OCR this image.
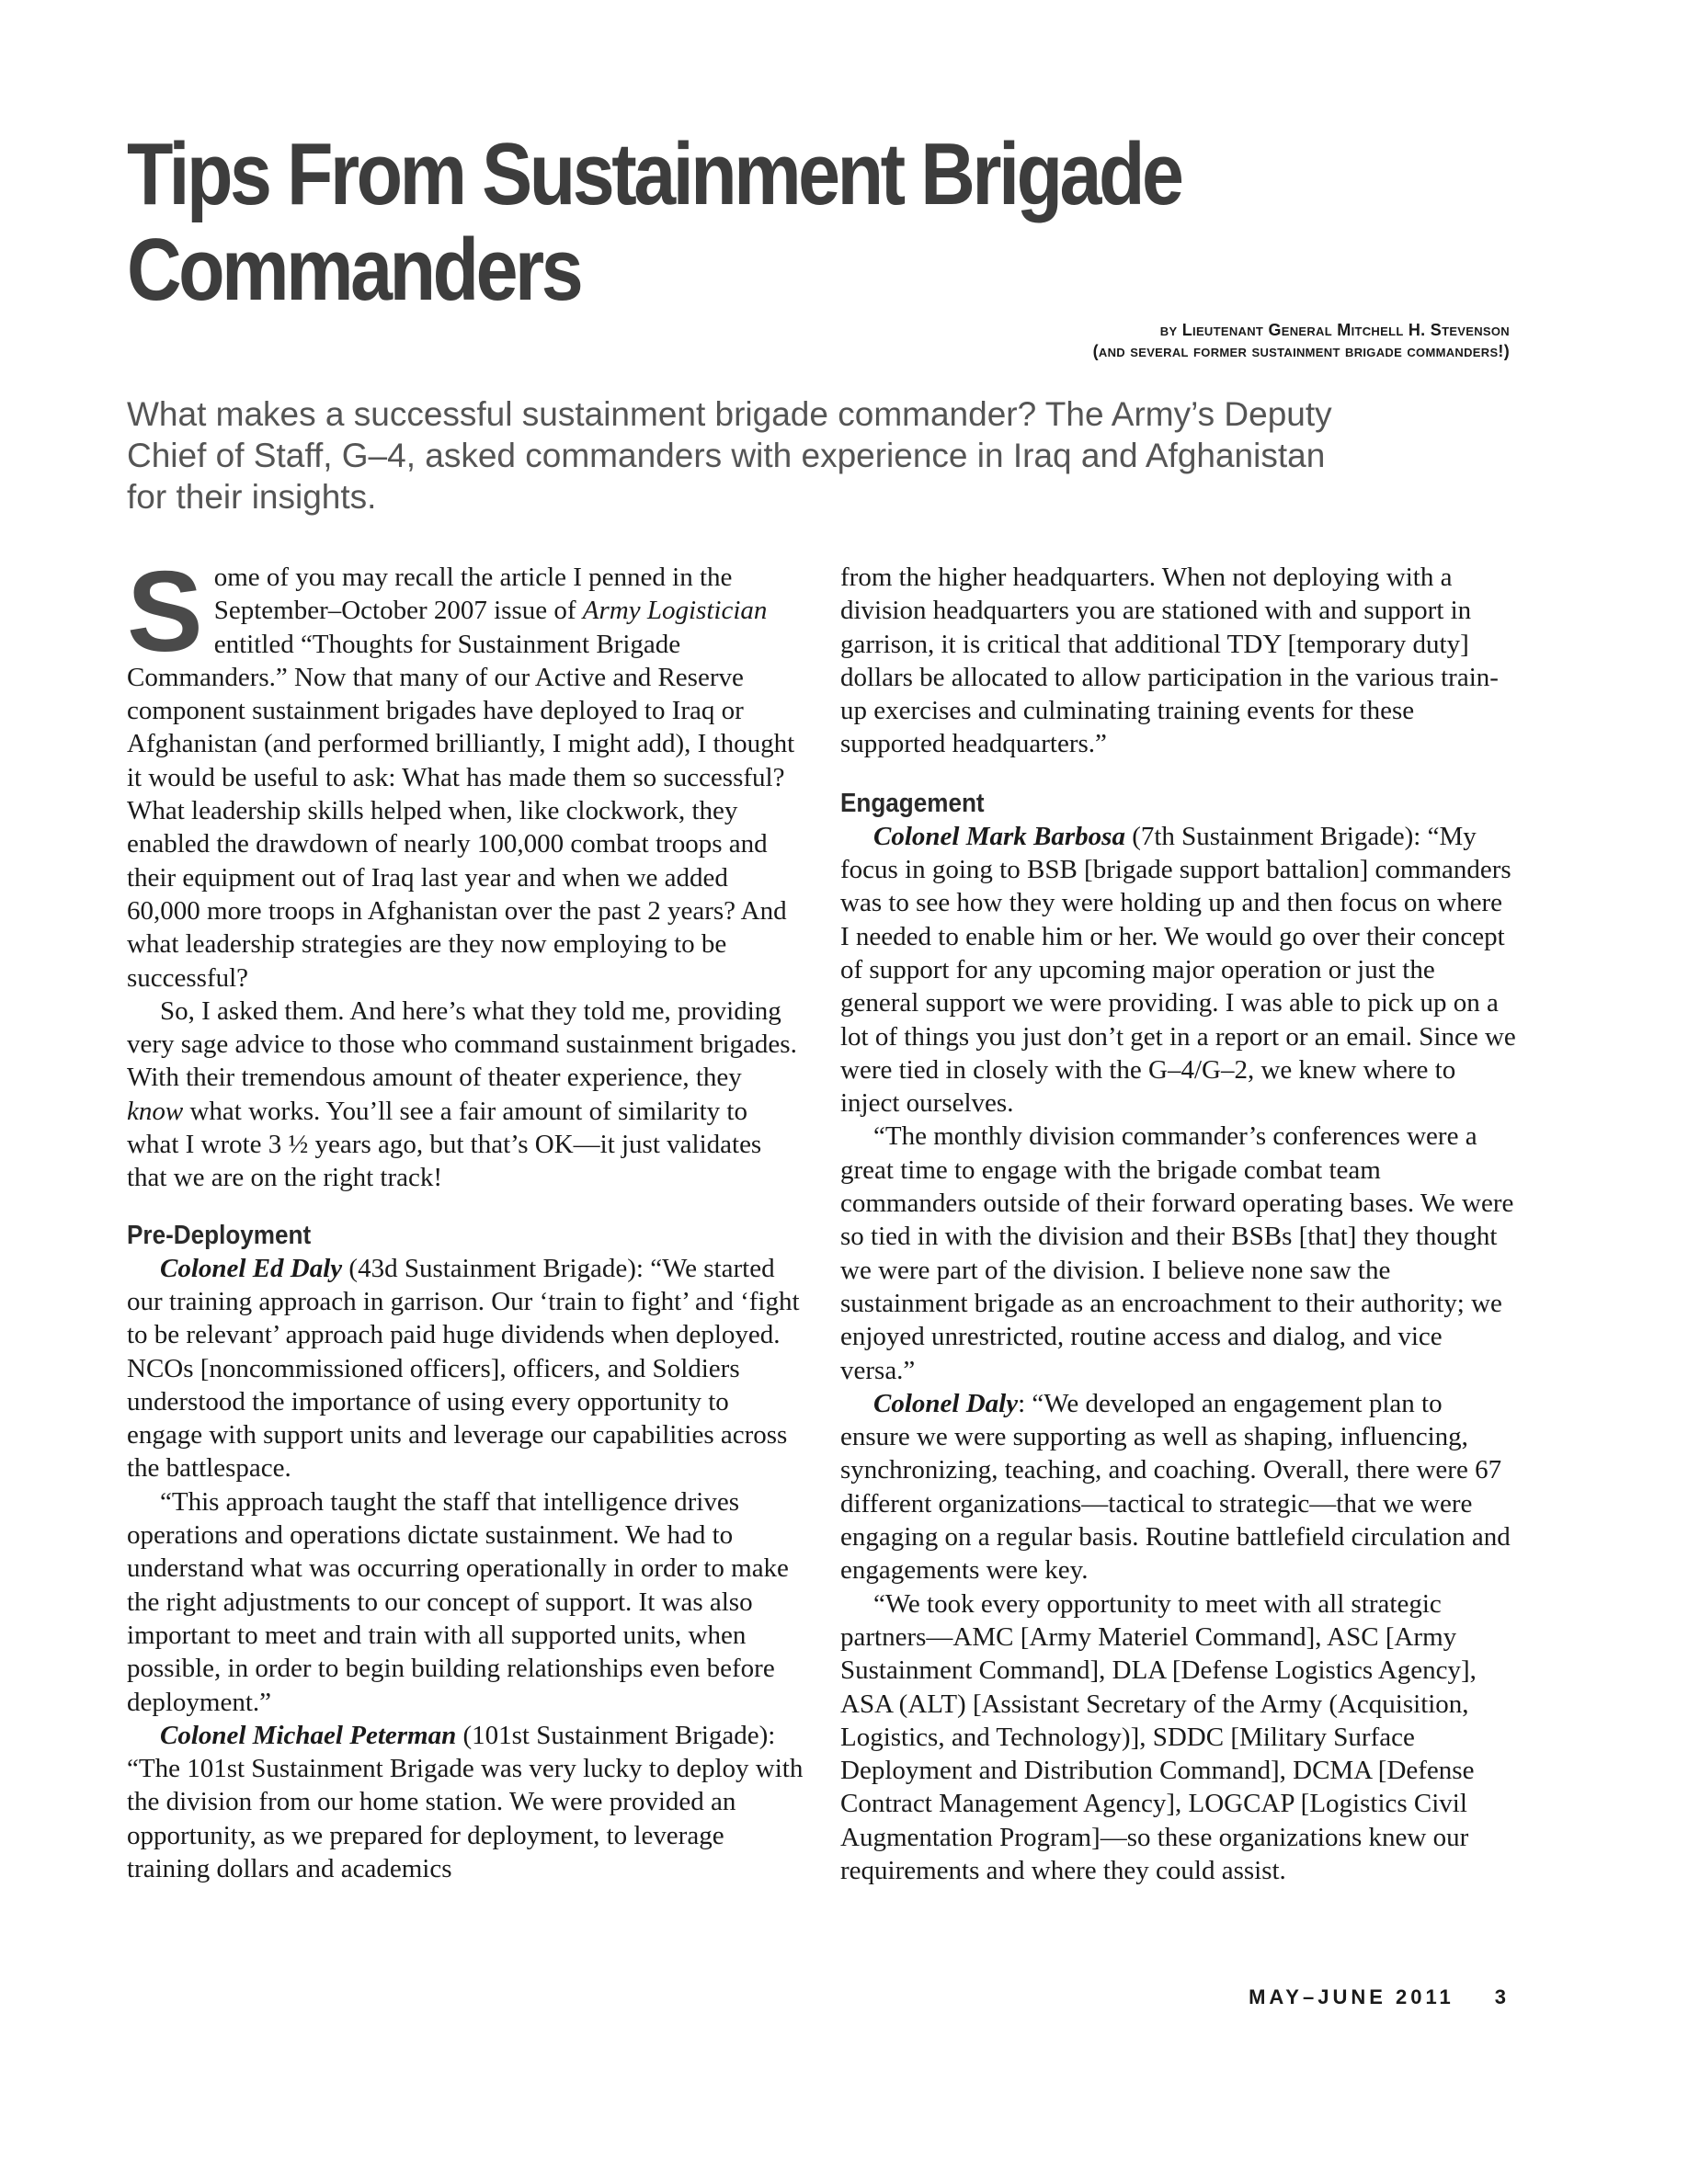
Tips From Sustainment Brigade
Commanders
by Lieutenant General Mitchell H. Stevenson
(and several former sustainment brigade commanders!)
What makes a successful sustainment brigade commander? The Army’s Deputy Chief of Staff, G–4, asked commanders with experience in Iraq and Afghanistan for their insights.

Some of you may recall the article I penned in the September–October 2007 issue of Army Logistician entitled “Thoughts for Sustainment Brigade Commanders.” Now that many of our Active and Reserve component sustainment brigades have deployed to Iraq or Afghanistan (and performed brilliantly, I might add), I thought it would be useful to ask: What has made them so successful? What leadership skills helped when, like clockwork, they enabled the drawdown of nearly 100,000 combat troops and their equipment out of Iraq last year and when we added 60,000 more troops in Afghanistan over the past 2 years? And what leadership strategies are they now employing to be successful?

So, I asked them. And here’s what they told me, providing very sage advice to those who command sustainment brigades. With their tremendous amount of theater experience, they know what works. You’ll see a fair amount of similarity to what I wrote 3 ½ years ago, but that’s OK—it just validates that we are on the right track!

Pre-Deployment

Colonel Ed Daly (43d Sustainment Brigade): “We started our training approach in garrison. Our ‘train to fight’ and ‘fight to be relevant’ approach paid huge dividends when deployed. NCOs [noncommissioned officers], officers, and Soldiers understood the importance of using every opportunity to engage with support units and leverage our capabilities across the battlespace.

“This approach taught the staff that intelligence drives operations and operations dictate sustainment. We had to understand what was occurring operationally in order to make the right adjustments to our concept of support. It was also important to meet and train with all supported units, when possible, in order to begin building relationships even before deployment.”

Colonel Michael Peterman (101st Sustainment Brigade): “The 101st Sustainment Brigade was very lucky to deploy with the division from our home station. We were provided an opportunity, as we prepared for deployment, to leverage training dollars and academics

from the higher headquarters. When not deploying with a division headquarters you are stationed with and support in garrison, it is critical that additional TDY [temporary duty] dollars be allocated to allow participation in the various train-up exercises and culminating training events for these supported headquarters.”

Engagement

Colonel Mark Barbosa (7th Sustainment Brigade): “My focus in going to BSB [brigade support battalion] commanders was to see how they were holding up and then focus on where I needed to enable him or her. We would go over their concept of support for any upcoming major operation or just the general support we were providing. I was able to pick up on a lot of things you just don’t get in a report or an email. Since we were tied in closely with the G–4/G–2, we knew where to inject ourselves.

“The monthly division commander’s conferences were a great time to engage with the brigade combat team commanders outside of their forward operating bases. We were so tied in with the division and their BSBs [that] they thought we were part of the division. I believe none saw the sustainment brigade as an encroachment to their authority; we enjoyed unrestricted, routine access and dialog, and vice versa.”

Colonel Daly: “We developed an engagement plan to ensure we were supporting as well as shaping, influencing, synchronizing, teaching, and coaching. Overall, there were 67 different organizations—tactical to strategic—that we were engaging on a regular basis. Routine battlefield circulation and engagements were key.

“We took every opportunity to meet with all strategic partners—AMC [Army Materiel Command], ASC [Army Sustainment Command], DLA [Defense Logistics Agency], ASA (ALT) [Assistant Secretary of the Army (Acquisition, Logistics, and Technology)], SDDC [Military Surface Deployment and Distribution Command], DCMA [Defense Contract Management Agency], LOGCAP [Logistics Civil Augmentation Program]—so these organizations knew our requirements and where they could assist.

MAY–JUNE 2011 3
